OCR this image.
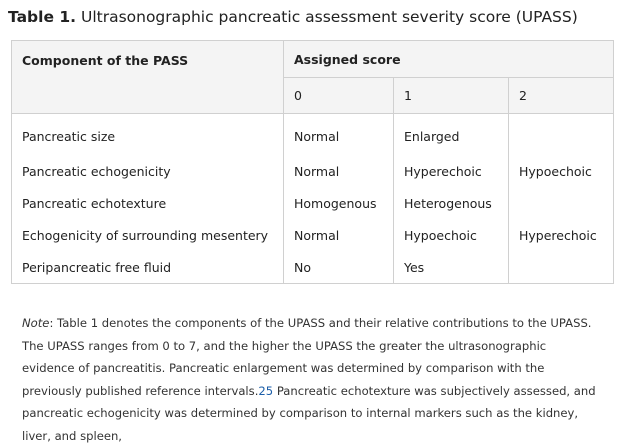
Table 1. Ultrasonographic pancreatic assessment severity score (UPASS)
Component of the PASS	Assigned score		
	0	1	2
Pancreatic size	Normal	Enlarged	
Pancreatic echogenicity	Normal	Hyperechoic	Hypoechoic
Pancreatic echotexture	Homogenous	Heterogenous	
Echogenicity of surrounding mesentery	Normal	Hypoechoic	Hyperechoic
Peripancreatic free fluid	No	Yes	
Note: Table 1 denotes the components of the UPASS and their relative contributions to the UPASS. The UPASS ranges from 0 to 7, and the higher the UPASS the greater the ultrasonographic evidence of pancreatitis. Pancreatic enlargement was determined by comparison with the previously published reference intervals.25 Pancreatic echotexture was subjectively assessed, and pancreatic echogenicity was determined by comparison to internal markers such as the kidney, liver, and spleen,
